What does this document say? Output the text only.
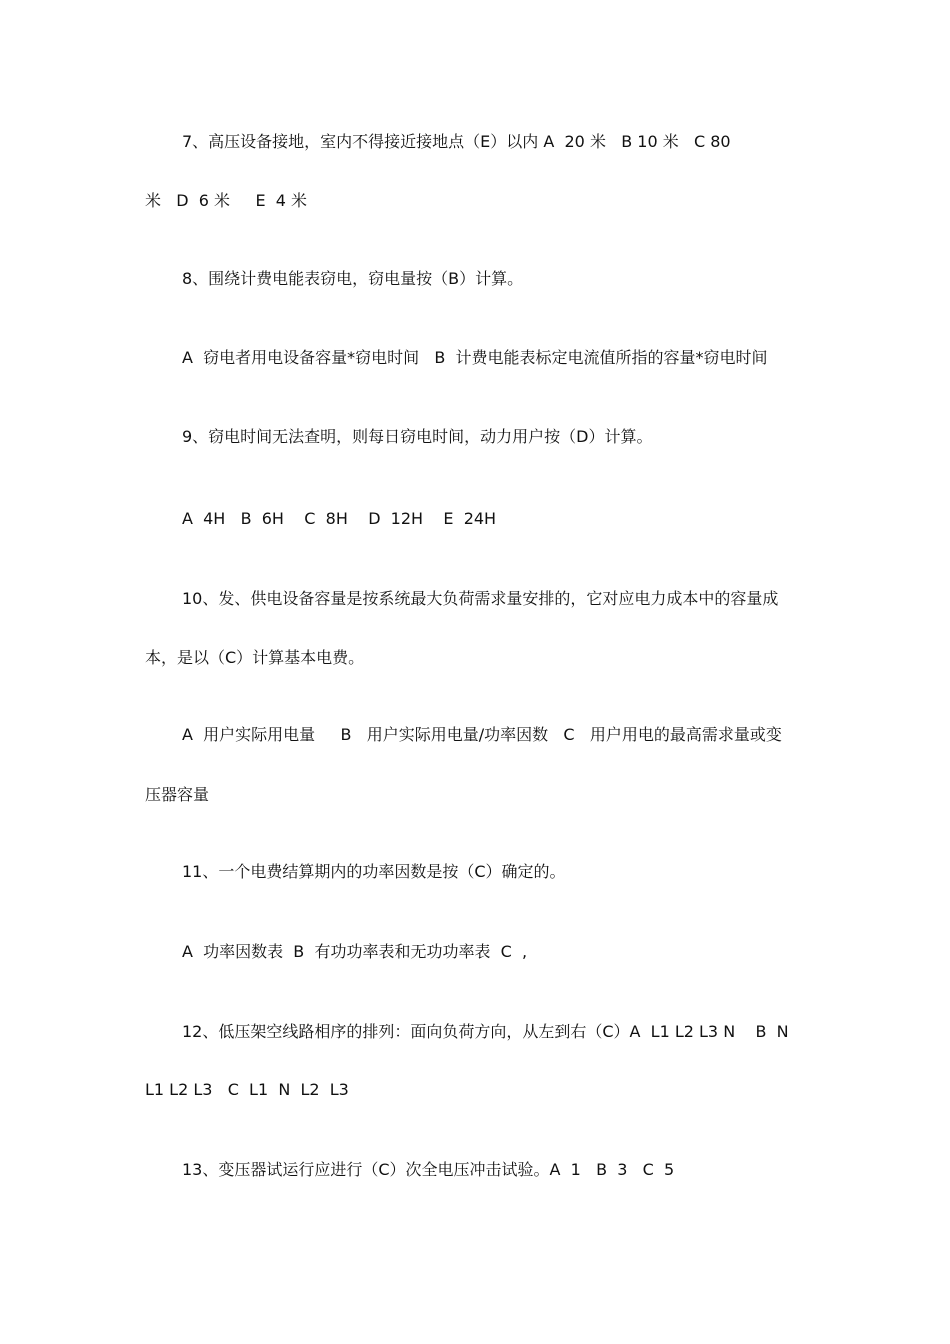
7、高压设备接地，室内不得接近接地点（E）以内 A  20 米   B 10 米   C 80
米   D  6 米     E  4 米
8、围绕计费电能表窃电，窃电量按（B）计算。
A  窃电者用电设备容量*窃电时间   B  计费电能表标定电流值所指的容量*窃电时间
9、窃电时间无法查明，则每日窃电时间，动力用户按（D）计算。
A  4H   B  6H    C  8H    D  12H    E  24H
10、发、供电设备容量是按系统最大负荷需求量安排的，它对应电力成本中的容量成
本，是以（C）计算基本电费。
A  用户实际用电量     B   用户实际用电量/功率因数   C   用户用电的最高需求量或变
压器容量
11、一个电费结算期内的功率因数是按（C）确定的。
A  功率因数表  B  有功功率表和无功功率表  C  ,
12、低压架空线路相序的排列：面向负荷方向，从左到右（C）A  L1 L2 L3 N    B  N
L1 L2 L3   C  L1  N  L2  L3
13、变压器试运行应进行（C）次全电压冲击试验。A  1   B  3   C  5
